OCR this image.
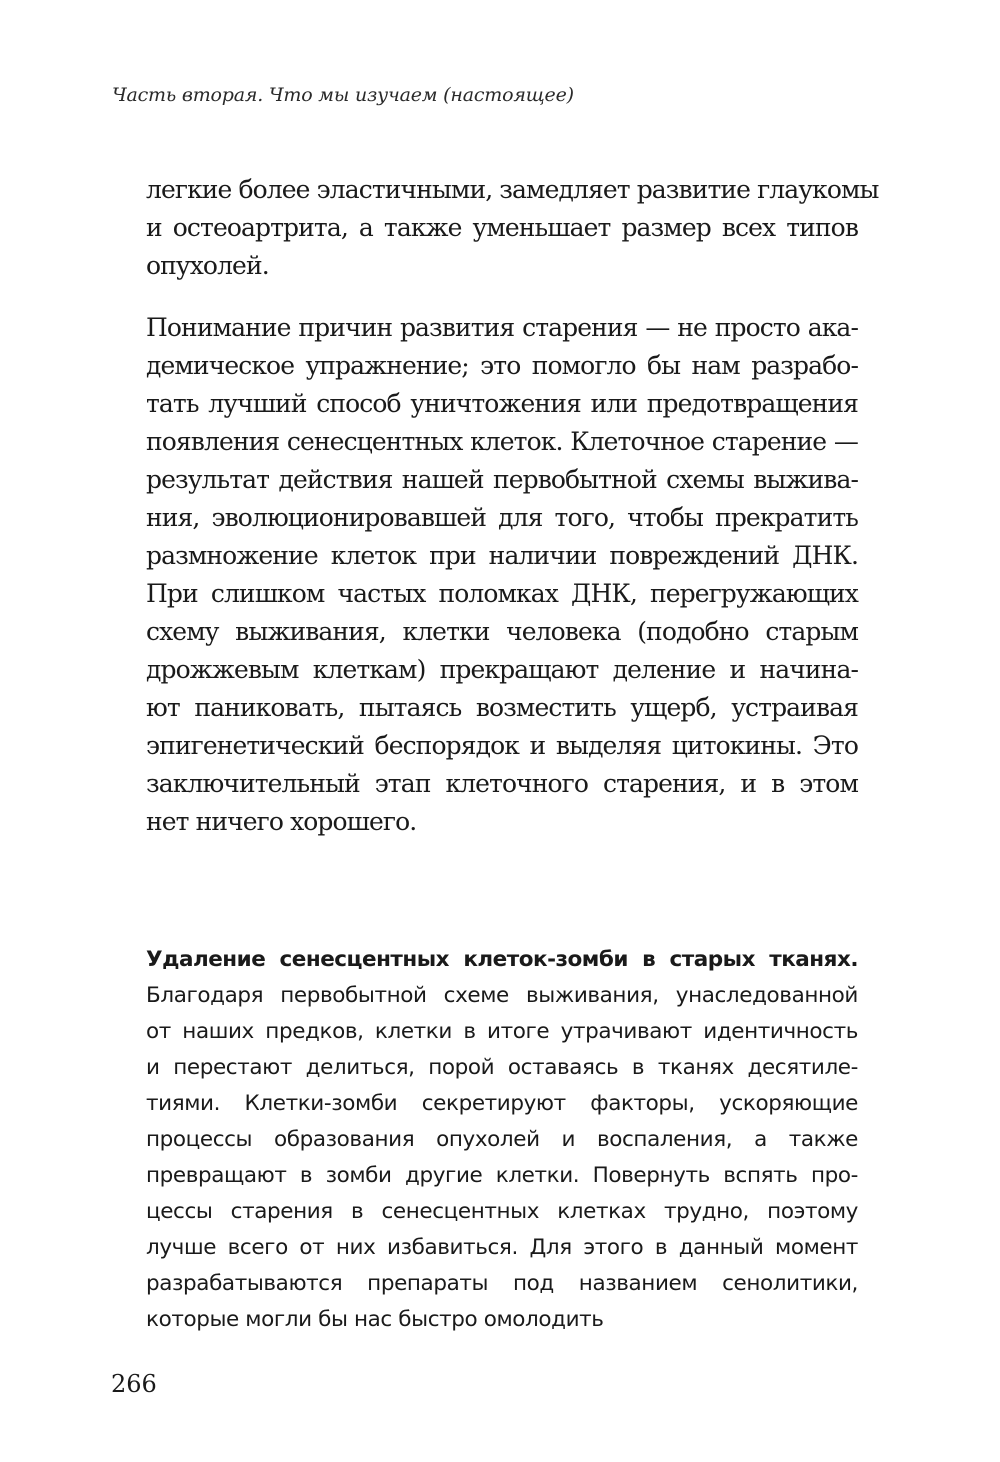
Часть вторая. Что мы изучаем (настоящее)
легкие более эластичными, замедляет развитие глаукомы
и остеоартрита, а также уменьшает размер всех типов
опухолей.
Понимание причин развития старения — не просто ака-
демическое упражнение; это помогло бы нам разрабо-
тать лучший способ уничтожения или предотвращения
появления сенесцентных клеток. Клеточное старение —
результат действия нашей первобытной схемы выжива-
ния, эволюционировавшей для того, чтобы прекратить
размножение клеток при наличии повреждений ДНК.
При слишком частых поломках ДНК, перегружающих
схему выживания, клетки человека (подобно старым
дрожжевым клеткам) прекращают деление и начина-
ют паниковать, пытаясь возместить ущерб, устраивая
эпигенетический беспорядок и выделяя цитокины. Это
заключительный этап клеточного старения, и в этом
нет ничего хорошего.
Удаление сенесцентных клеток-зомби в старых тканях.
Благодаря первобытной схеме выживания, унаследованной
от наших предков, клетки в итоге утрачивают идентичность
и перестают делиться, порой оставаясь в тканях десятиле-
тиями. Клетки-зомби секретируют факторы, ускоряющие
процессы образования опухолей и воспаления, а также
превращают в зомби другие клетки. Повернуть вспять про-
цессы старения в сенесцентных клетках трудно, поэтому
лучше всего от них избавиться. Для этого в данный момент
разрабатываются препараты под названием сенолитики,
которые могли бы нас быстро омолодить
266
